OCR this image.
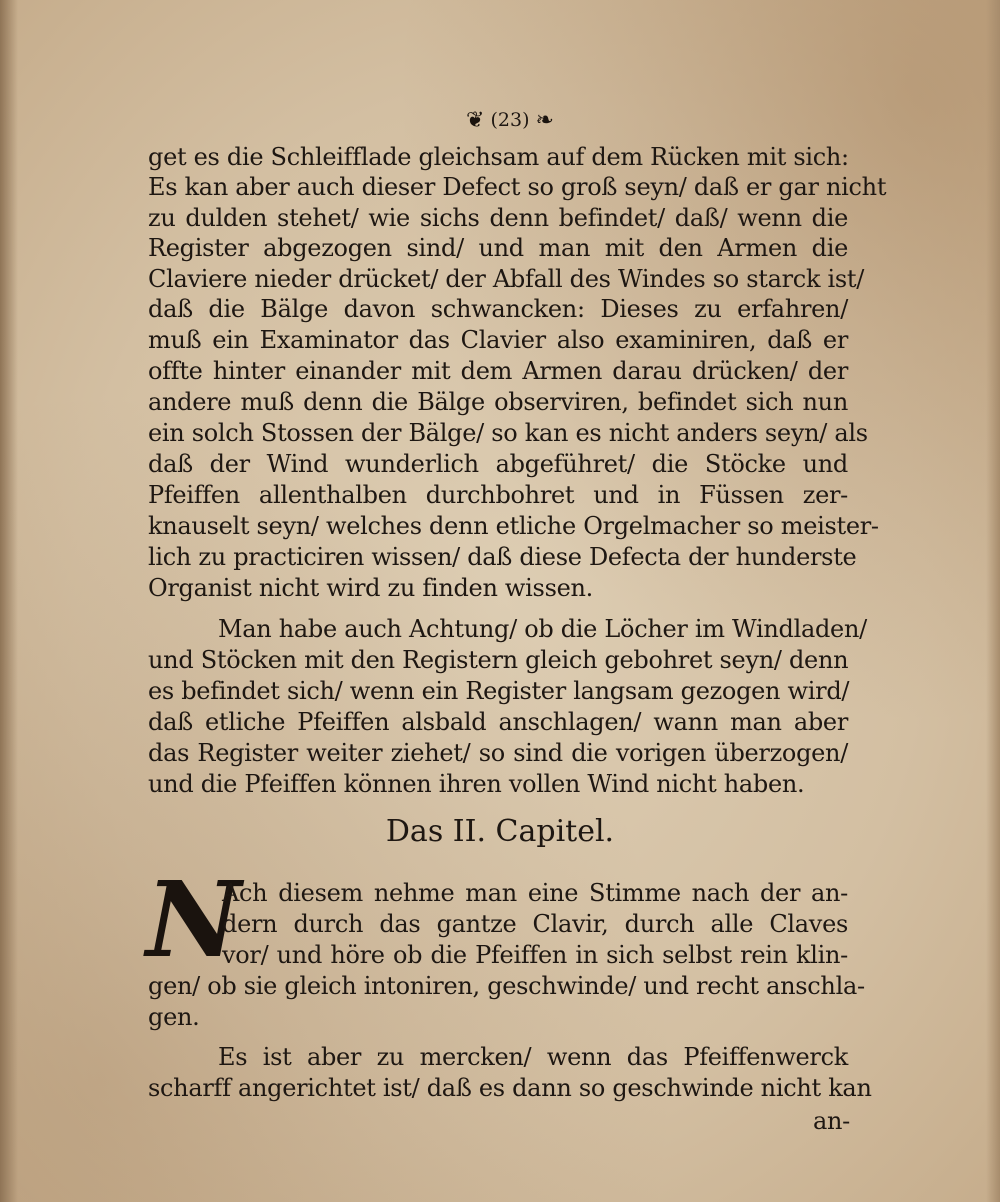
❦ (23) ❧
get es die Schleifflade gleichsam auf dem Rücken mit sich:
Es kan aber auch dieser Defect so groß seyn/ daß er gar nicht
zu dulden stehet/ wie sichs denn befindet/ daß/ wenn die
Register abgezogen sind/ und man mit den Armen die
Claviere nieder drücket/ der Abfall des Windes so starck ist/
daß die Bälge davon schwancken: Dieses zu erfahren/
muß ein Examinator das Clavier also examiniren, daß er
offte hinter einander mit dem Armen darau drücken/ der
andere muß denn die Bälge observiren, befindet sich nun
ein solch Stossen der Bälge/ so kan es nicht anders seyn/ als
daß der Wind wunderlich abgeführet/ die Stöcke und
Pfeiffen allenthalben durchbohret und in Füssen zer-
knauselt seyn/ welches denn etliche Orgelmacher so meister-
lich zu practiciren wissen/ daß diese Defecta der hunderste
Organist nicht wird zu finden wissen.
Man habe auch Achtung/ ob die Löcher im Windladen/
und Stöcken mit den Registern gleich gebohret seyn/ denn
es befindet sich/ wenn ein Register langsam gezogen wird/
daß etliche Pfeiffen alsbald anschlagen/ wann man aber
das Register weiter ziehet/ so sind die vorigen überzogen/
und die Pfeiffen können ihren vollen Wind nicht haben.
Das II. Capitel.
N
Ach diesem nehme man eine Stimme nach der an-
dern durch das gantze Clavir, durch alle Claves
vor/ und höre ob die Pfeiffen in sich selbst rein klin-
gen/ ob sie gleich intoniren, geschwinde/ und recht anschla-
gen.
Es ist aber zu mercken/ wenn das Pfeiffenwerck
scharff angerichtet ist/ daß es dann so geschwinde nicht kan
an-
